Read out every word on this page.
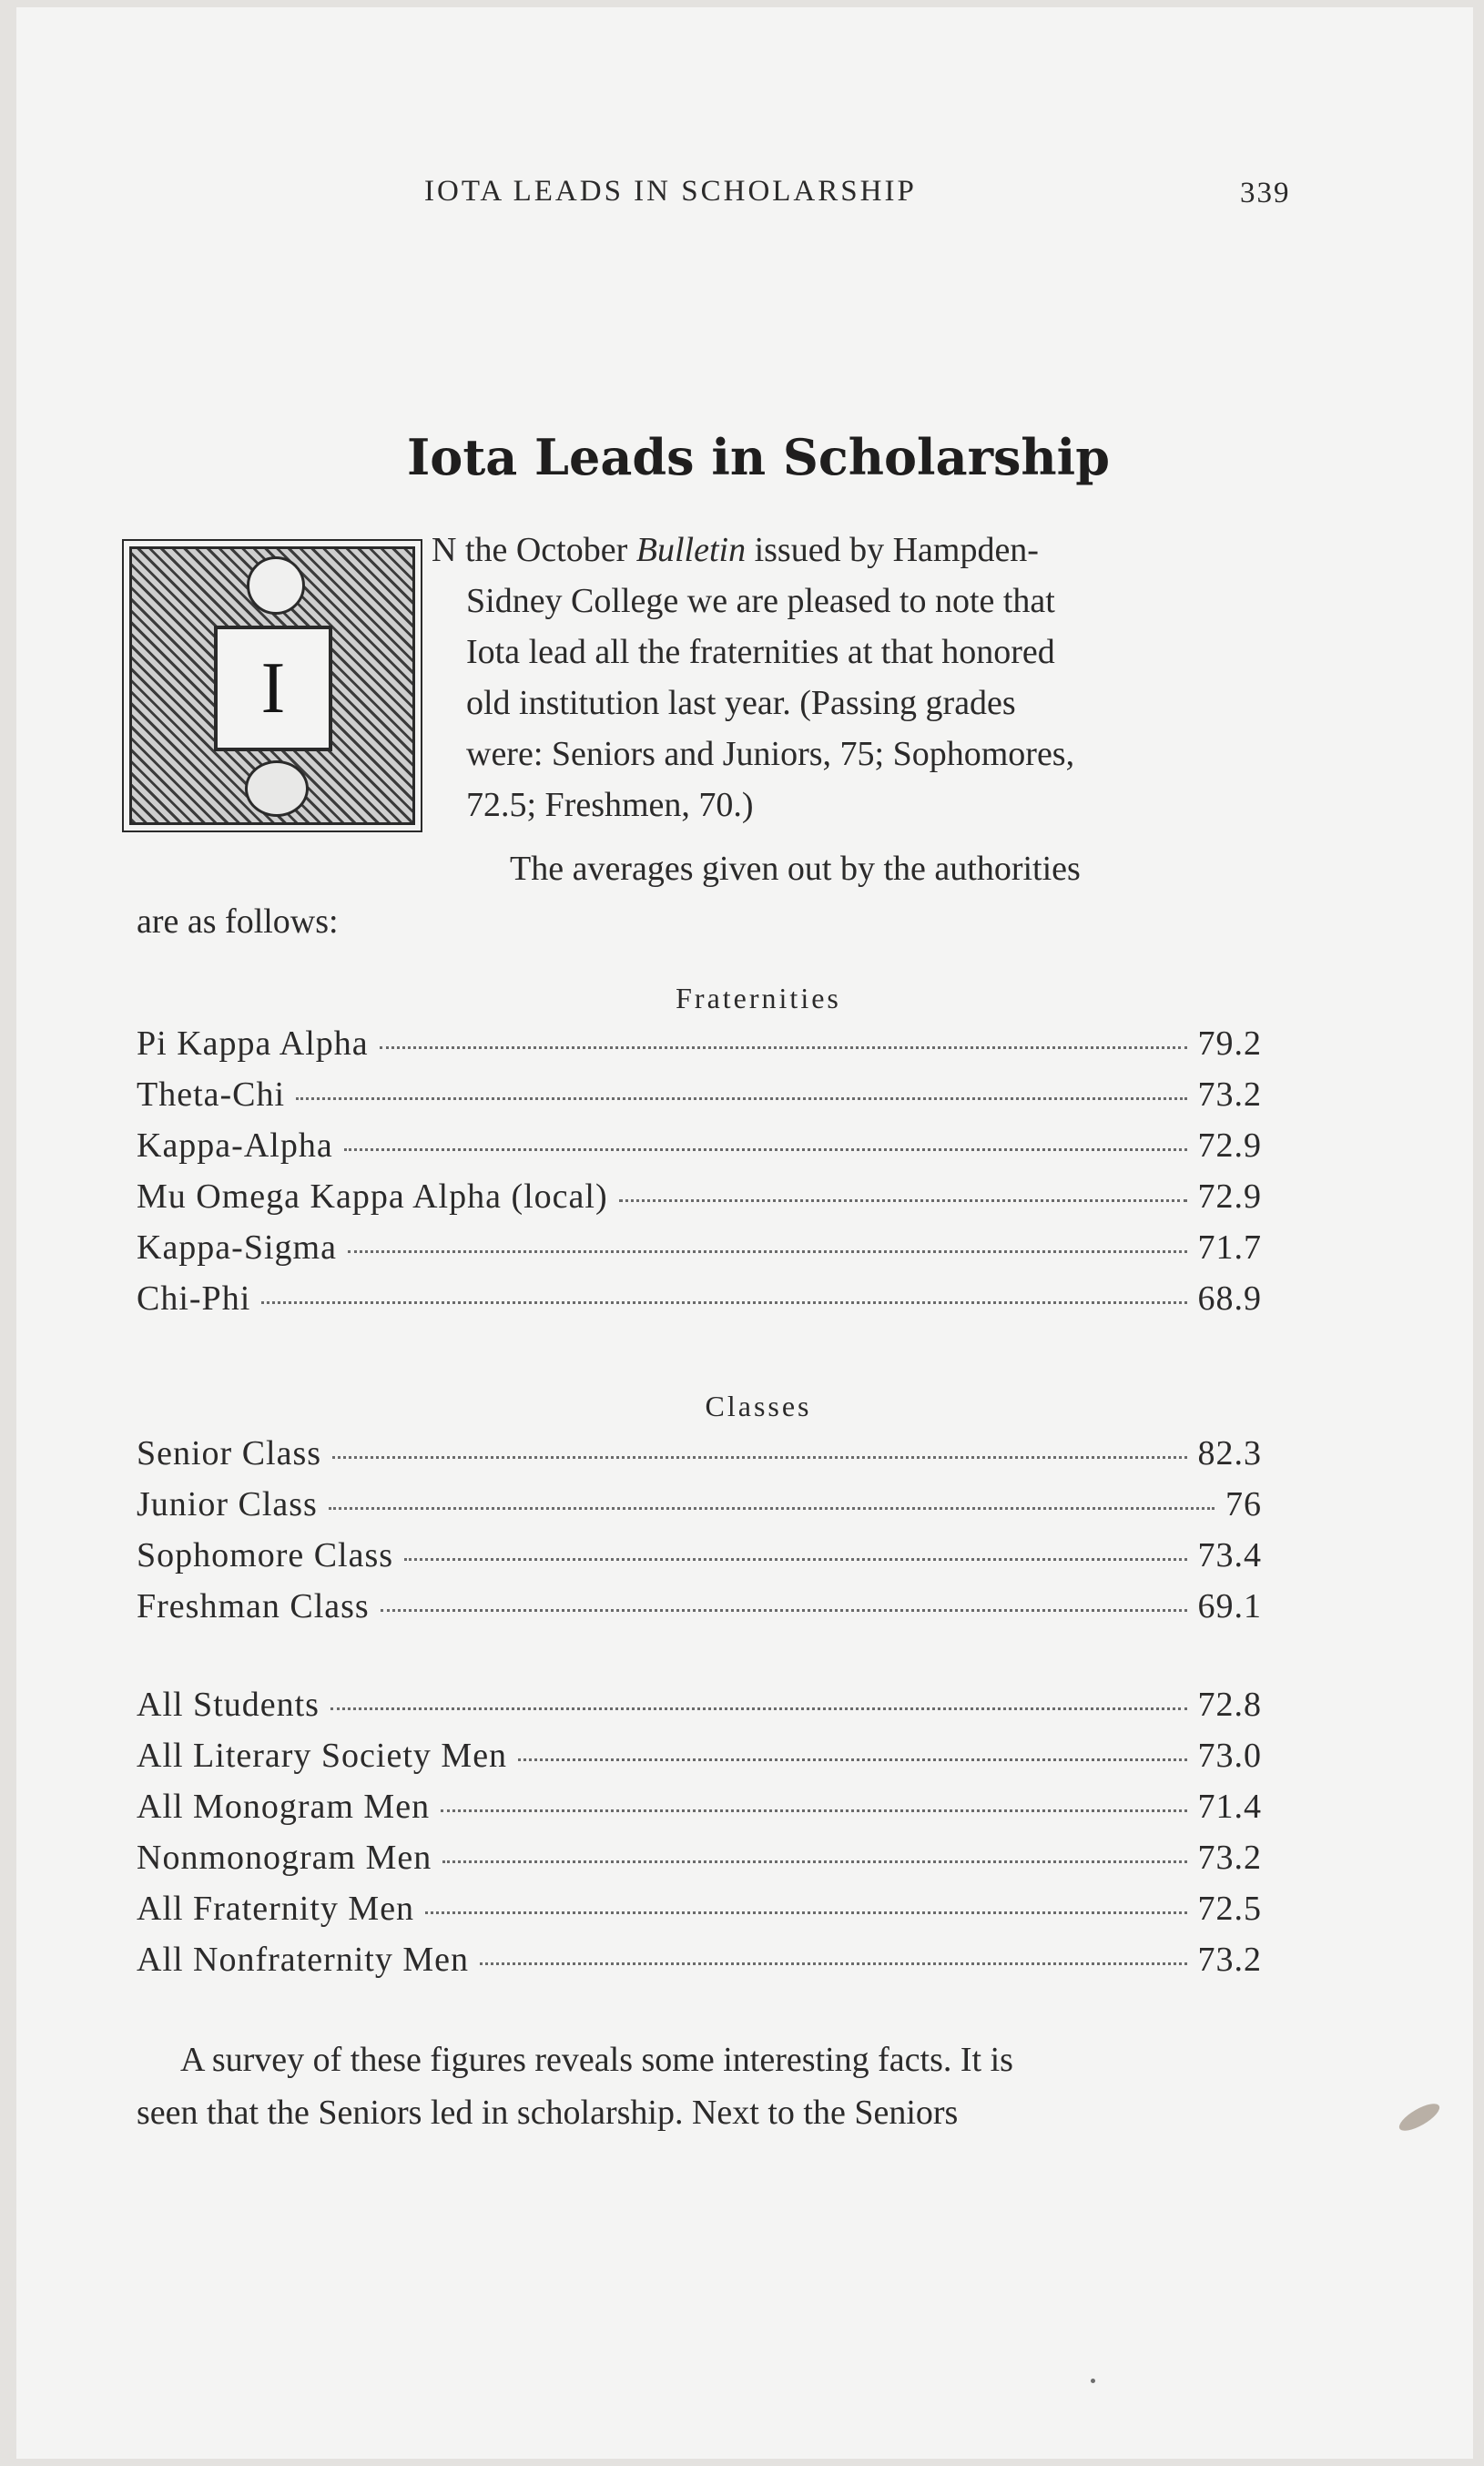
IOTA LEADS IN SCHOLARSHIP	339
Iota Leads in Scholarship
I
N the October Bulletin issued by Hampden-
Sidney College we are pleased to note that
Iota lead all the fraternities at that honored
old institution last year. (Passing grades
were: Seniors and Juniors, 75; Sophomores,
72.5; Freshmen, 70.)
The averages given out by the authorities
are as follows:
Fraternities
Pi Kappa Alpha	79.2
Theta-Chi	73.2
Kappa-Alpha	72.9
Mu Omega Kappa Alpha (local)	72.9
Kappa-Sigma	71.7
Chi-Phi	68.9
Classes
Senior Class	82.3
Junior Class	76
Sophomore Class	73.4
Freshman Class	69.1
All Students	72.8
All Literary Society Men	73.0
All Monogram Men	71.4
Nonmonogram Men	73.2
All Fraternity Men	72.5
All Nonfraternity Men	73.2
A survey of these figures reveals some interesting facts. It is
seen that the Seniors led in scholarship. Next to the Seniors
